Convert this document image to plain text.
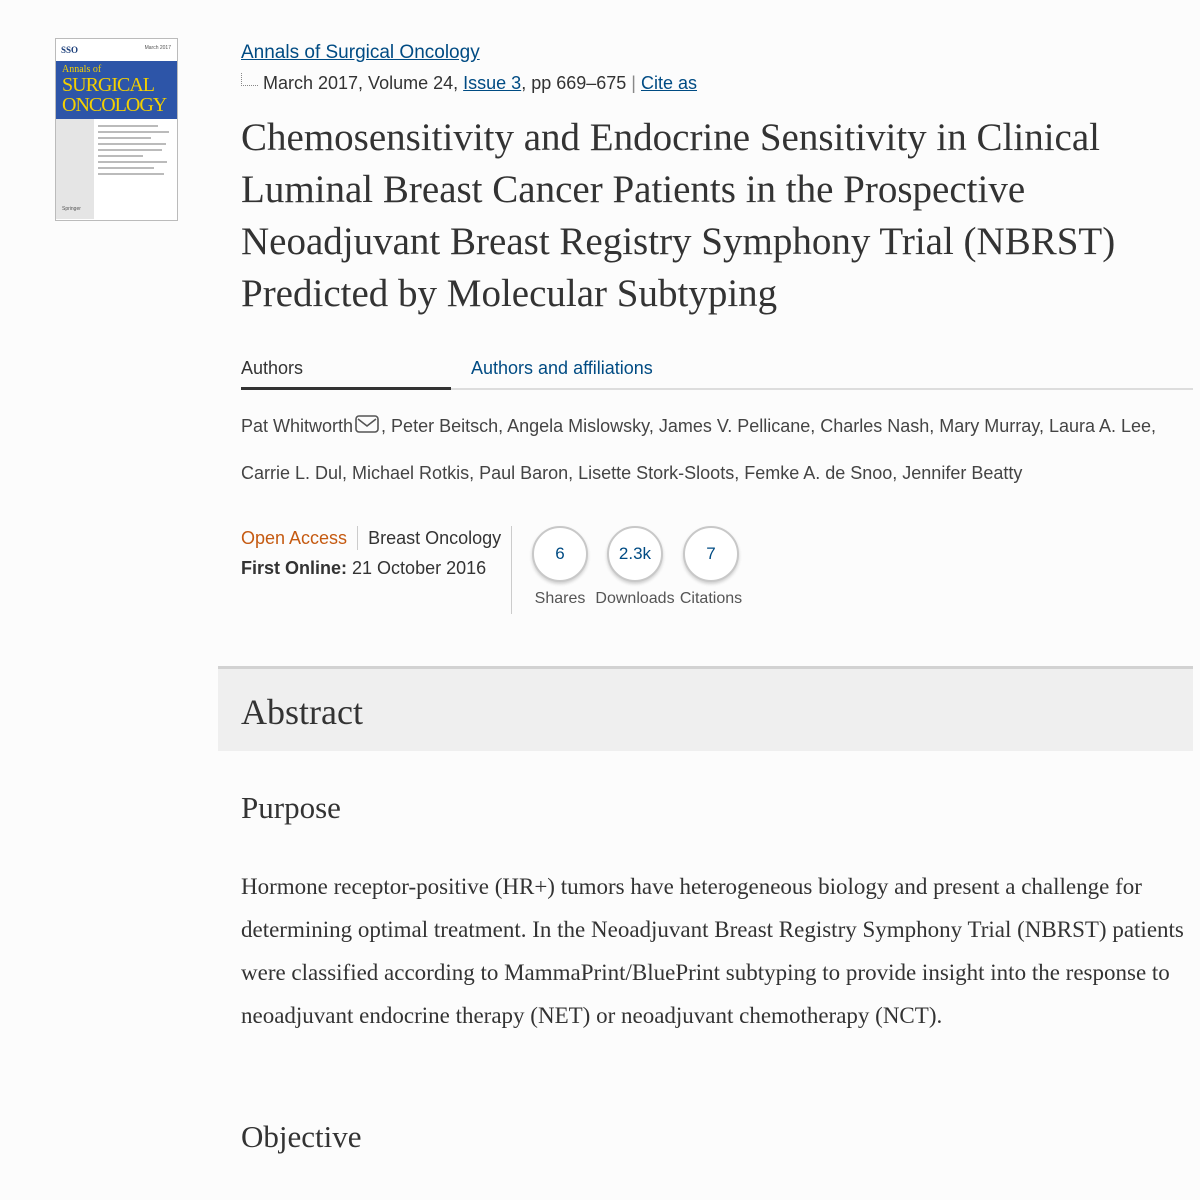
SSO	March 2017
Annals of
SURGICAL
ONCOLOGY
Springer
Annals of Surgical Oncology
March 2017, Volume 24,
Issue 3 , pp 669–675 | Cite as
Chemosensitivity and Endocrine Sensitivity in Clinical Luminal Breast Cancer Patients in the Prospective Neoadjuvant Breast Registry Symphony Trial (NBRST) Predicted by Molecular Subtyping
Authors	Authors and affiliations
Pat Whitworth , Peter Beitsch, Angela Mislowsky, James V. Pellicane, Charles Nash, Mary Murray, Laura A. Lee, Carrie L. Dul, Michael Rotkis, Paul Baron, Lisette Stork-Sloots, Femke A. de Snoo, Jennifer Beatty
Open Access Breast Oncology
First Online: 21 October 2016
6
Shares
2.3k
Downloads
7
Citations
Abstract
Purpose

Hormone receptor-positive (HR+) tumors have heterogeneous biology and present a challenge for determining optimal treatment. In the Neoadjuvant Breast Registry Symphony Trial (NBRST) patients were classified according to MammaPrint/BluePrint subtyping to provide insight into the response to neoadjuvant endocrine therapy (NET) or neoadjuvant chemotherapy (NCT).

Objective
